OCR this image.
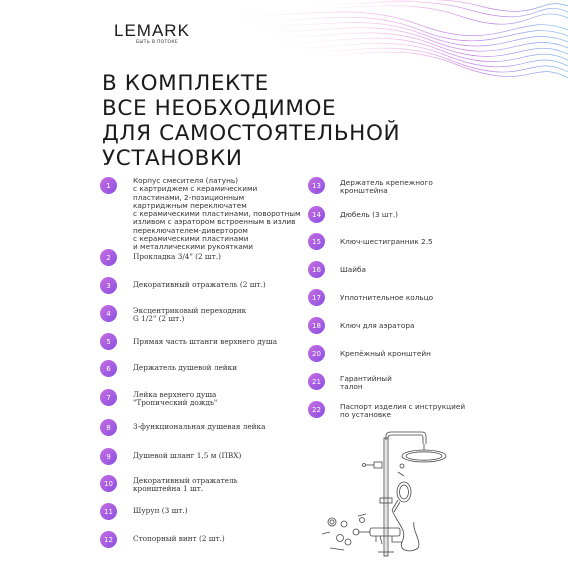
LEMARK
БЫТЬ В ПОТОКЕ
В КОМПЛЕКТЕ
ВСЕ НЕОБХОДИМОЕ
ДЛЯ САМОСТОЯТЕЛЬНОЙ
УСТАНОВКИ
1
Корпус смесителя (латунь)
с картриджем с керамическими
пластинами, 2-позиционным
картриджным переключатем
с керамическими пластинами, поворотным
изливом с аэратором встроенным в излив
переключателем-дивертором
с керамическими пластинами
и металлическими рукоятками
2	Прокладка 3/4" (2 шт.)
3	Декоративный отражатель (2 шт.)
4	Эксцентриковый переходник
G 1/2" (2 шт.)
5	Прямая часть штанги верхнего душа
6	Держатель душевой лейки
7	Лейка верхнего душа
"Тропический дождь"
8	3-функциональная душевая лейка
9	Душевой шланг 1,5 м (ПВХ)
10	Декоративный отражатель
кронштейна 1 шт.
11	Шуруп (3 шт.)
12	Стопорный винт (2 шт.)
13	Держатель крепежного
кронштейна
14	Дюбель (3 шт.)
15	Ключ-шестигранник 2.5
16	Шайба
17	Уплотнительное кольцо
18	Ключ для аэратора
20	Крепёжный кронштейн
21	Гарантийный
талон
22	Паспорт изделия с инструкцией
по установке
